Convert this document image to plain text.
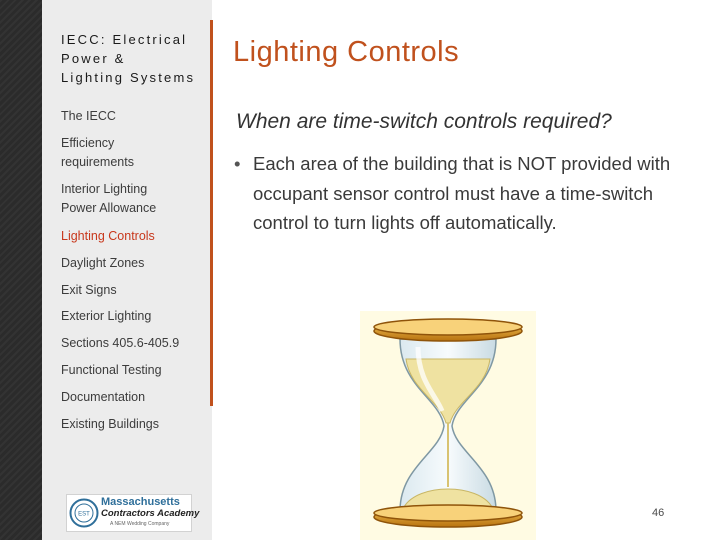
IECC: Electrical
Power &
Lighting Systems
The IECC
Efficiency requirements
Interior Lighting Power Allowance
Lighting Controls
Daylight Zones
Exit Signs
Exterior Lighting
Sections 405.6-405.9
Functional Testing
Documentation
Existing Buildings
Lighting Controls
When are time-switch controls required?
• Each area of the building that is NOT provided with occupant sensor control must have a time-switch control to turn lights off automatically.
EST
Massachusetts
Contractors Academy
A NEM Wedding Company
46
